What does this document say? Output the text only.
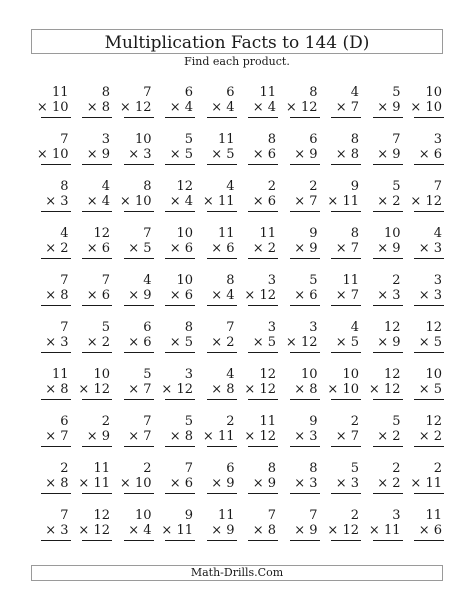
Multiplication Facts to 144 (D)
Find each product.
11
× 10
8
× 8
7
× 12
6
× 4
6
× 4
11
× 4
8
× 12
4
× 7
5
× 9
10
× 10
7
× 10
3
× 9
10
× 3
5
× 5
11
× 5
8
× 6
6
× 9
8
× 8
7
× 9
3
× 6
8
× 3
4
× 4
8
× 10
12
× 4
4
× 11
2
× 6
2
× 7
9
× 11
5
× 2
7
× 12
4
× 2
12
× 6
7
× 5
10
× 6
11
× 6
11
× 2
9
× 9
8
× 7
10
× 9
4
× 3
7
× 8
7
× 6
4
× 9
10
× 6
8
× 4
3
× 12
5
× 6
11
× 7
2
× 3
3
× 3
7
× 3
5
× 2
6
× 6
8
× 5
7
× 2
3
× 5
3
× 12
4
× 5
12
× 9
12
× 5
11
× 8
10
× 12
5
× 7
3
× 12
4
× 8
12
× 12
10
× 8
10
× 10
12
× 12
10
× 5
6
× 7
2
× 9
7
× 7
5
× 8
2
× 11
11
× 12
9
× 3
2
× 7
5
× 2
12
× 2
2
× 8
11
× 11
2
× 10
7
× 6
6
× 9
8
× 9
8
× 3
5
× 3
2
× 2
2
× 11
7
× 3
12
× 12
10
× 4
9
× 11
11
× 9
7
× 8
7
× 9
2
× 12
3
× 11
11
× 6
Math-Drills.Com
